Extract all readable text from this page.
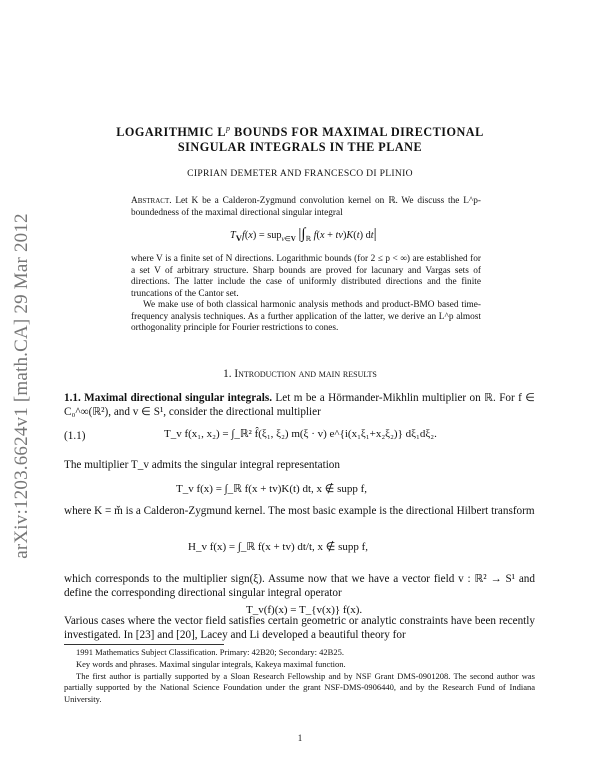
arXiv:1203.6624v1 [math.CA] 29 Mar 2012
LOGARITHMIC $L^p$ BOUNDS FOR MAXIMAL DIRECTIONAL
SINGULAR INTEGRALS IN THE PLANE
CIPRIAN DEMETER AND FRANCESCO DI PLINIO
Abstract. Let K be a Calderon-Zygmund convolution kernel on ℝ. We discuss the L^p-boundedness of the maximal directional singular integral
$T_Vf(x) = sup_{v\in V}$ $|\int_ℝ$ f(x + tv)K(t) dt|
where V is a finite set of N directions. Logarithmic bounds (for 2 ≤ p < ∞) are established for a set V of arbitrary structure. Sharp bounds are proved for lacunary and Vargas sets of directions. The latter include the case of uniformly distributed directions and the finite truncations of the Cantor set.
We make use of both classical harmonic analysis methods and product-BMO based time-frequency analysis techniques. As a further application of the latter, we derive an L^p almost orthogonality principle for Fourier restrictions to cones.
1. Introduction and main results
1.1. Maximal directional singular integrals. Let m be a Hörmander-Mikhlin multiplier on ℝ. For f ∈ C₀^∞(ℝ²), and v ∈ S¹, consider the directional multiplier
(1.1)	T_v f(x₁, x₂) = ∫_ℝ² f̂(ξ₁, ξ₂) m(ξ · v) e^{i(x₁ξ₁+x₂ξ₂)} dξ₁dξ₂.
The multiplier T_v admits the singular integral representation
T_v f(x) = ∫_ℝ f(x + tv)K(t) dt, x ∉ supp f,
where K = m̌ is a Calderon-Zygmund kernel. The most basic example is the directional Hilbert transform
H_v f(x) = ∫_ℝ f(x + tv) dt/t, x ∉ supp f,
which corresponds to the multiplier sign(ξ). Assume now that we have a vector field v : ℝ² → S¹ and define the corresponding directional singular integral operator
T_v(f)(x) = T_{v(x)} f(x).
Various cases where the vector field satisfies certain geometric or analytic constraints have been recently investigated. In [23] and [20], Lacey and Li developed a beautiful theory for
1991 Mathematics Subject Classification. Primary: 42B20; Secondary: 42B25.
Key words and phrases. Maximal singular integrals, Kakeya maximal function.
The first author is partially supported by a Sloan Research Fellowship and by NSF Grant DMS-0901208. The second author was partially supported by the National Science Foundation under the grant NSF-DMS-0906440, and by the Research Fund of Indiana University.
1
